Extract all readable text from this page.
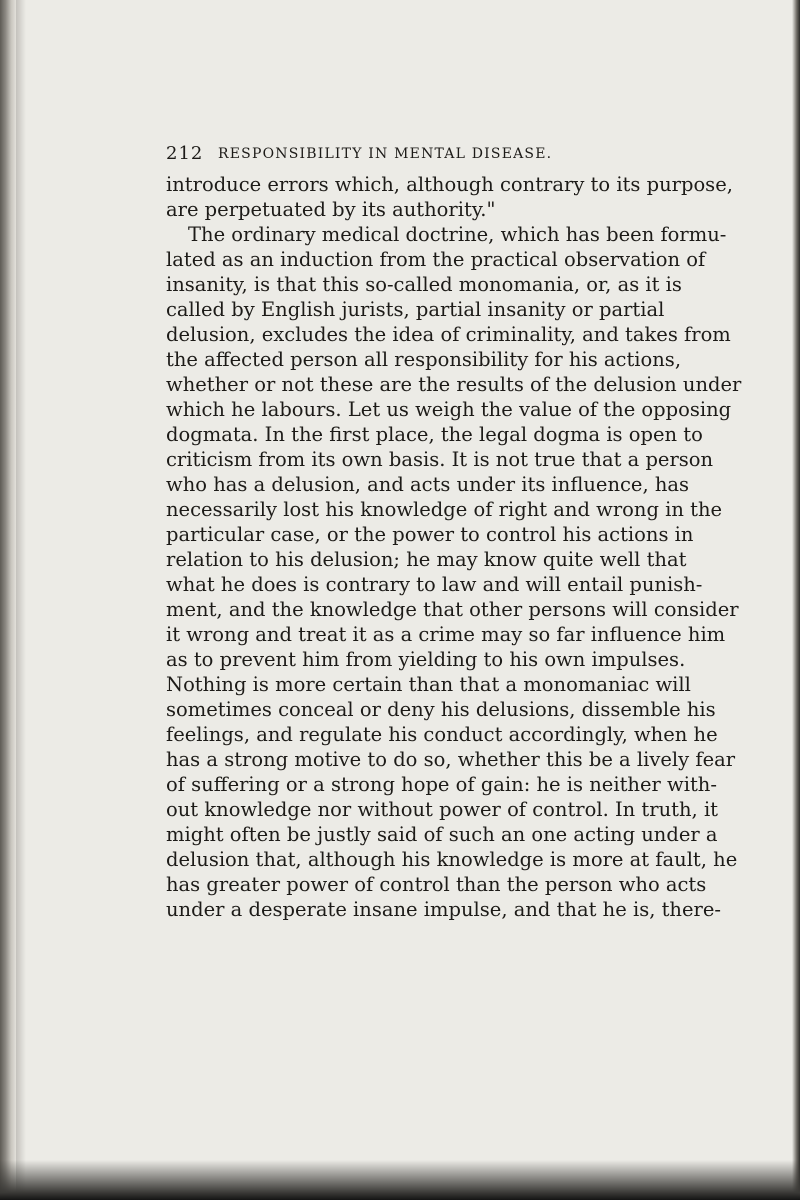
212 RESPONSIBILITY IN MENTAL DISEASE.
introduce errors which, although contrary to its purpose,
are perpetuated by its authority."
The ordinary medical doctrine, which has been formu-
lated as an induction from the practical observation of
insanity, is that this so-called monomania, or, as it is
called by English jurists, partial insanity or partial
delusion, excludes the idea of criminality, and takes from
the affected person all responsibility for his actions,
whether or not these are the results of the delusion under
which he labours. Let us weigh the value of the opposing
dogmata. In the first place, the legal dogma is open to
criticism from its own basis. It is not true that a person
who has a delusion, and acts under its influence, has
necessarily lost his knowledge of right and wrong in the
particular case, or the power to control his actions in
relation to his delusion; he may know quite well that
what he does is contrary to law and will entail punish-
ment, and the knowledge that other persons will consider
it wrong and treat it as a crime may so far influence him
as to prevent him from yielding to his own impulses.
Nothing is more certain than that a monomaniac will
sometimes conceal or deny his delusions, dissemble his
feelings, and regulate his conduct accordingly, when he
has a strong motive to do so, whether this be a lively fear
of suffering or a strong hope of gain: he is neither with-
out knowledge nor without power of control. In truth, it
might often be justly said of such an one acting under a
delusion that, although his knowledge is more at fault, he
has greater power of control than the person who acts
under a desperate insane impulse, and that he is, there-
